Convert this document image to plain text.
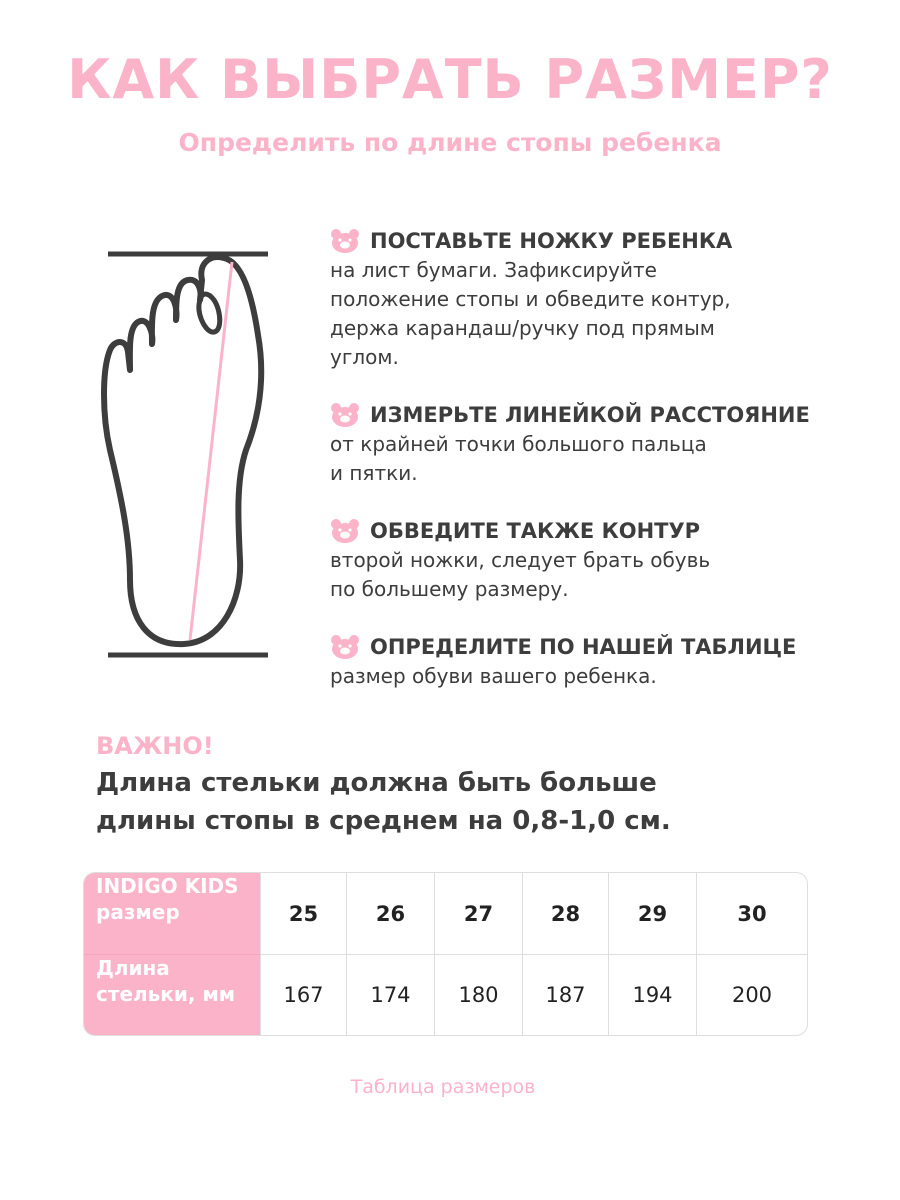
КАК ВЫБРАТЬ РАЗМЕР?
Определить по длине стопы ребенка
ПОСТАВЬТЕ НОЖКУ РЕБЕНКА
на лист бумаги. Зафиксируйте
положение стопы и обведите контур,
держа карандаш/ручку под прямым
углом.
ИЗМЕРЬТЕ ЛИНЕЙКОЙ РАССТОЯНИЕ
от крайней точки большого пальца
и пятки.
ОБВЕДИТЕ ТАКЖЕ КОНТУР
второй ножки, следует брать обувь
по большему размеру.
ОПРЕДЕЛИТЕ ПО НАШЕЙ ТАБЛИЦЕ
размер обуви вашего ребенка.
ВАЖНО!
Длина стельки должна быть больше
длины стопы в среднем на 0,8-1,0 см.
INDIGO KIDS
размер	25	26	27	28	29	30
Длина
стельки, мм	167	174	180	187	194	200
Таблица размеров
